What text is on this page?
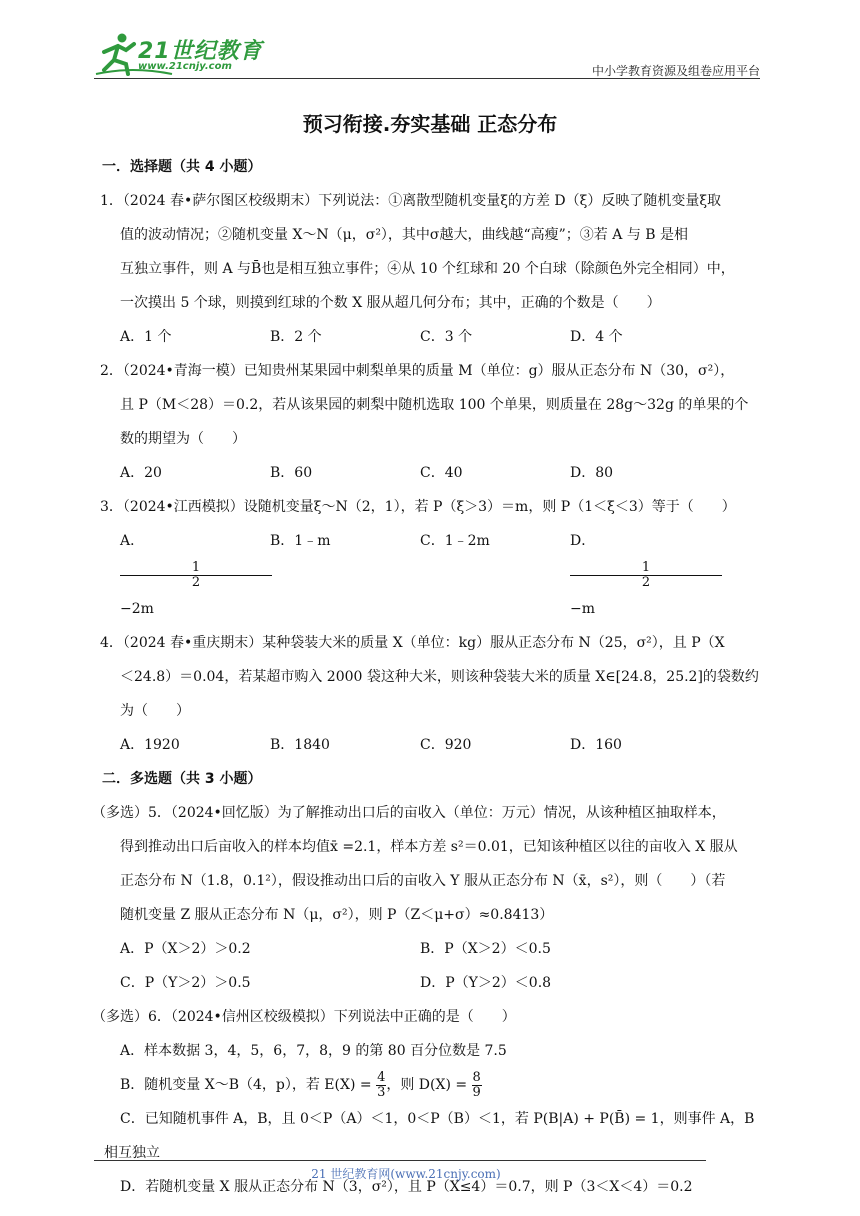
21世纪教育
www.21cnjy.com	中小学教育资源及组卷应用平台
预习衔接.夯实基础 正态分布
一．选择题（共 4 小题）
1．（2024 春•萨尔图区校级期末）下列说法：①离散型随机变量ξ的方差 D（ξ）反映了随机变量ξ取
值的波动情况；②随机变量 X～N（μ，σ²），其中σ越大，曲线越“高瘦”；③若 A 与 B 是相
互独立事件，则 A 与B̄也是相互独立事件；④从 10 个红球和 20 个白球（除颜色外完全相同）中，
一次摸出 5 个球，则摸到红球的个数 X 服从超几何分布；其中，正确的个数是（　　）
A．1 个	B．2 个	C．3 个	D．4 个
2．（2024•青海一模）已知贵州某果园中刺梨单果的质量 M（单位：g）服从正态分布 N（30，σ²），
且 P（M＜28）＝0.2，若从该果园的刺梨中随机选取 100 个单果，则质量在 28g～32g 的单果的个
数的期望为（　　）
A．20	B．60	C．40	D．80
3．（2024•江西模拟）设随机变量ξ～N（2，1），若 P（ξ＞3）＝m，则 P（1＜ξ＜3）等于（　　）
A．
$\frac{1}{2}$
−2m
B．1﹣m	C．1﹣2m	D．
$\frac{1}{2}$
−m
4．（2024 春•重庆期末）某种袋装大米的质量 X（单位：kg）服从正态分布 N（25，σ²），且 P（X
＜24.8）＝0.04，若某超市购入 2000 袋这种大米，则该种袋装大米的质量 X∈[24.8，25.2]的袋数约
为（　　）
A．1920	B．1840	C．920	D．160
二．多选题（共 3 小题）
（多选）5．（2024•回忆版）为了解推动出口后的亩收入（单位：万元）情况，从该种植区抽取样本，
得到推动出口后亩收入的样本均值x̄ =2.1，样本方差 s²＝0.01，已知该种植区以往的亩收入 X 服从
正态分布 N（1.8，0.1²），假设推动出口后的亩收入 Y 服从正态分布 N（x̄，s²），则（　　）（若
随机变量 Z 服从正态分布 N（μ，σ²），则 P（Z＜μ+σ）≈0.8413）
A．P（X＞2）＞0.2	B．P（X＞2）＜0.5
C．P（Y＞2）＞0.5	D．P（Y＞2）＜0.8
（多选）6．（2024•信州区校级模拟）下列说法中正确的是（　　）
A．样本数据 3，4，5，6，7，8，9 的第 80 百分位数是 7.5
B．随机变量 X～B（4，p），若 $E(X) = \frac{4}{3}$ ，则 $D(X) = \frac{8}{9}$
C．已知随机事件 A，B，且 0＜P（A）＜1，0＜P（B）＜1，若 P(B|A) + P(B̄) = 1，则事件 A，B
相互独立
D．若随机变量 X 服从正态分布 N（3，σ²），且 P（X≤4）＝0.7，则 P（3＜X＜4）＝0.2
21 世纪教育网(www.21cnjy.com)
